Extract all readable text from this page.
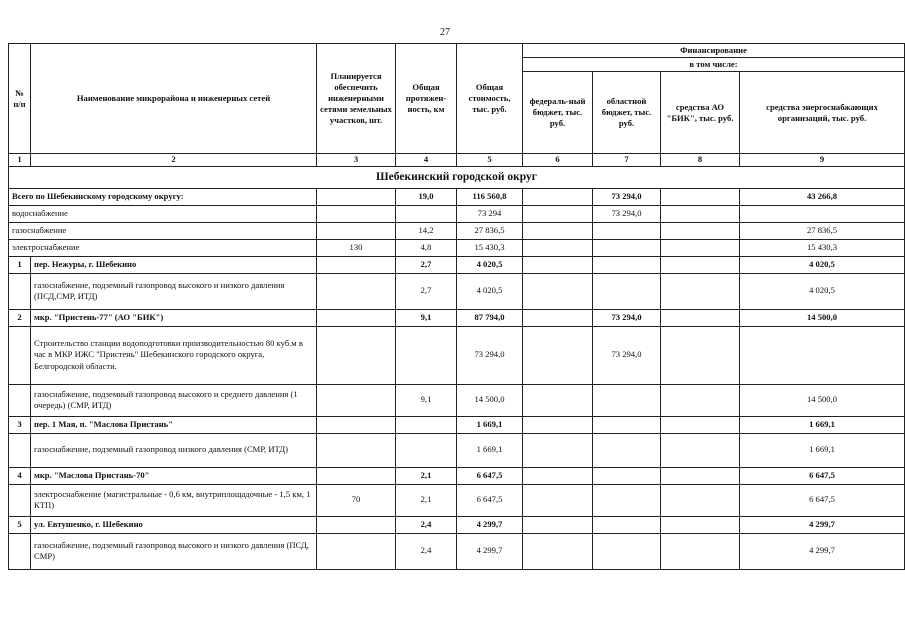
27
№ п/п	Наименование микрорайона и инженерных сетей	Планируется обеспечить инженерными сетями земельных участков, шт.	Общая протяжен-ность, км	Общая стоимость, тыс. руб.	Финансирование			
					в том числе:			
					федераль-ный бюджет, тыс. руб.	областной бюджет, тыс. руб.	средства АО "БИК", тыс. руб.	средства энергоснабжающих организаций, тыс. руб.
1	2	3	4	5	6	7	8	9
Шебекинский городской округ								
Всего по Шебекинскому городскому округу:			19,0	116 560,8		73 294,0		43 266,8
водоснабжение				73 294		73 294,0		
газоснабжение			14,2	27 836,5				27 836,5
электроснабжение		130	4,8	15 430,3				15 430,3
1	пер. Нежуры, г. Шебекино		2,7	4 020,5				4 020,5
	газоснабжение, подземный газопровод высокого и низкого давления (ПСД,СМР, ИТД)		2,7	4 020,5				4 020,5
2	мкр. "Пристень-77" (АО "БИК")		9,1	87 794,0		73 294,0		14 500,0
	Строительство станции водоподготовки производительностью 80 куб.м в час в МКР ИЖС "Пристень" Шебекинского городского округа, Белгородской области.			73 294,0		73 294,0		
	газоснабжение, подземный газопровод высокого и среднего давления (1 очередь) (СМР, ИТД)		9,1	14 500,0				14 500,0
3	пер. 1 Мая, п. "Маслова Пристань"			1 669,1				1 669,1
	газоснабжение, подземный газопровод низкого давления (СМР, ИТД)			1 669,1				1 669,1
4	мкр. "Маслова Пристань-70"		2,1	6 647,5				6 647,5
	электроснабжение (магистральные - 0,6 км, внутриплощадочные - 1,5 км, 1 КТП)	70	2,1	6 647,5				6 647,5
5	ул. Евтушенко, г. Шебекино		2,4	4 299,7				4 299,7
	газоснабжение, подземный газопровод высокого и низкого давления (ПСД, СМР)		2,4	4 299,7				4 299,7
